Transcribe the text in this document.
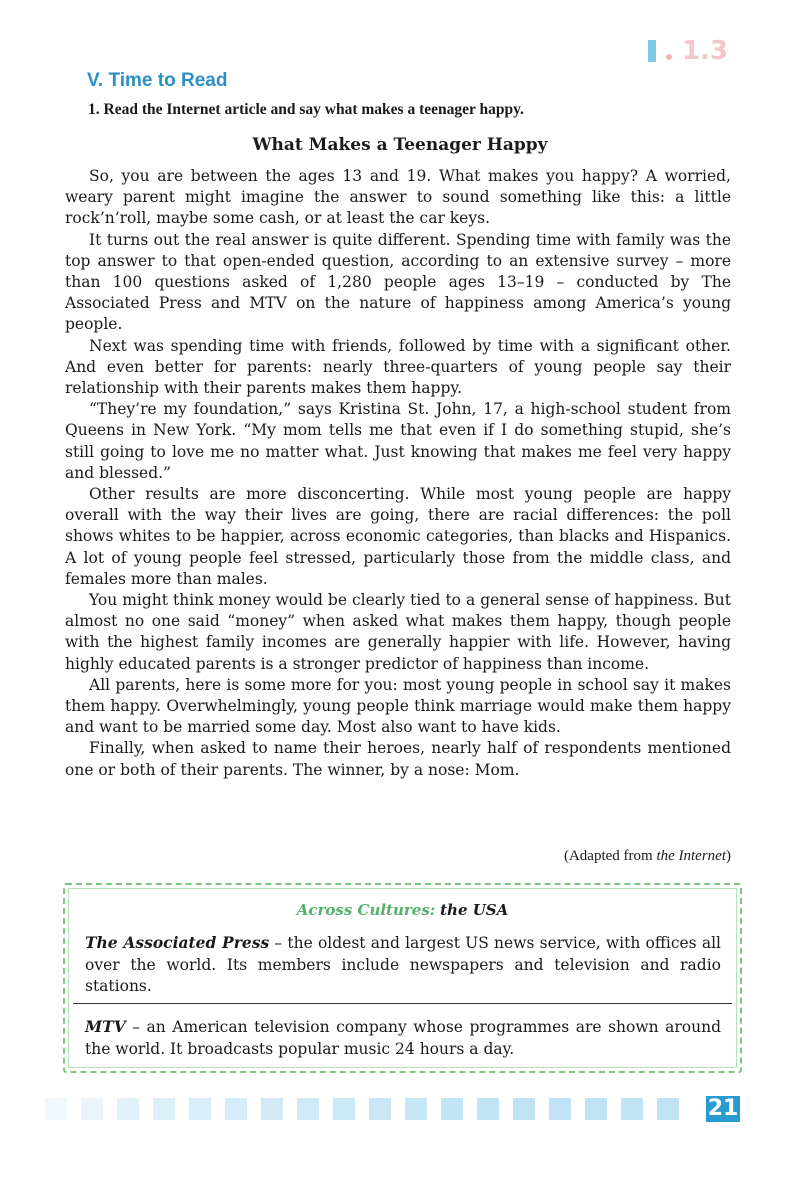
1.3
V. Time to Read
1. Read the Internet article and say what makes a teenager happy.
What Makes a Teenager Happy

So, you are between the ages 13 and 19. What makes you happy? A worried, weary parent might imagine the answer to sound something like this: a little rock’n’roll, maybe some cash, or at least the car keys.

It turns out the real answer is quite different. Spending time with family was the top answer to that open-ended question, according to an extensive survey – more than 100 questions asked of 1,280 people ages 13–19 – conducted by The Associated Press and MTV on the nature of happiness among America’s young people.

Next was spending time with friends, followed by time with a significant other. And even better for parents: nearly three-quarters of young people say their relationship with their parents makes them happy.

“They’re my foundation,” says Kristina St. John, 17, a high-school student from Queens in New York. “My mom tells me that even if I do something stupid, she’s still going to love me no matter what. Just knowing that makes me feel very happy and blessed.”

Other results are more disconcerting. While most young people are happy overall with the way their lives are going, there are racial differences: the poll shows whites to be happier, across economic categories, than blacks and Hispanics. A lot of young people feel stressed, particularly those from the middle class, and females more than males.

You might think money would be clearly tied to a general sense of happiness. But almost no one said “money” when asked what makes them happy, though people with the highest family incomes are generally happier with life. However, having highly educated parents is a stronger predictor of happiness than income.

All parents, here is some more for you: most young people in school say it makes them happy. Overwhelmingly, young people think marriage would make them happy and want to be married some day. Most also want to have kids.

Finally, when asked to name their heroes, nearly half of respondents mentioned one or both of their parents. The winner, by a nose: Mom.

(Adapted from the Internet)
Across Cultures: the USA
The Associated Press – the oldest and largest US news service, with offices all over the world. Its members include newspapers and television and radio stations.
MTV – an American television company whose programmes are shown around the world. It broadcasts popular music 24 hours a day.
21
